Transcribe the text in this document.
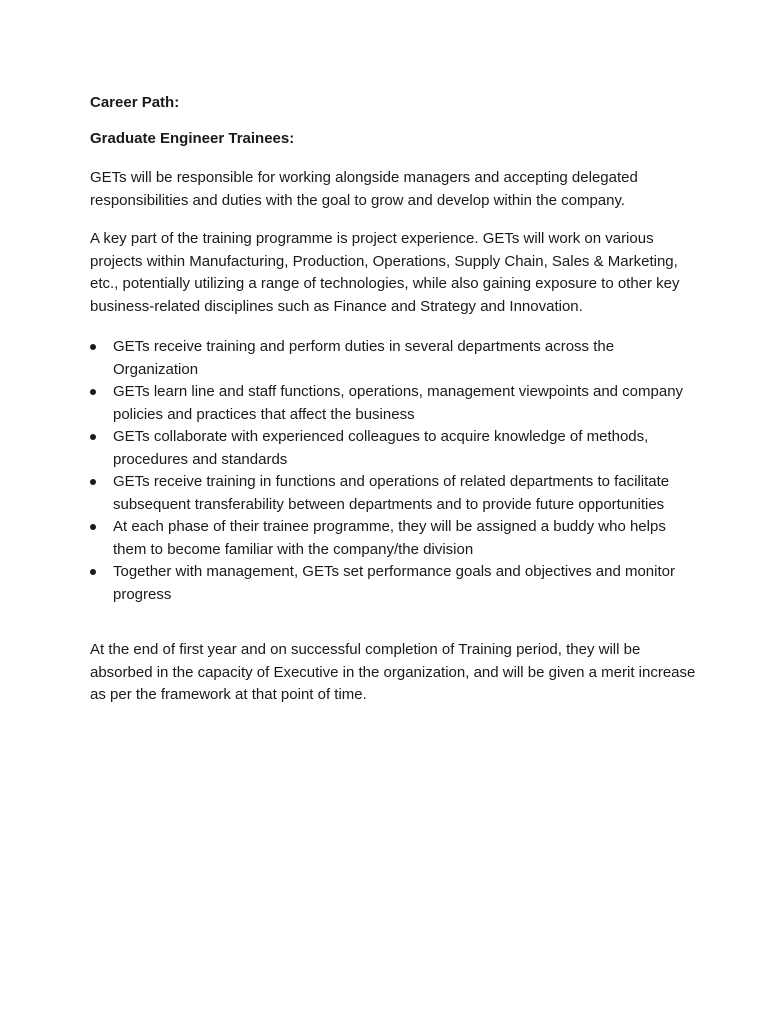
Career Path:

Graduate Engineer Trainees:

GETs will be responsible for working alongside managers and accepting delegated responsibilities and duties with the goal to grow and develop within the company.

A key part of the training programme is project experience. GETs will work on various projects within Manufacturing, Production, Operations, Supply Chain, Sales & Marketing, etc., potentially utilizing a range of technologies, while also gaining exposure to other key business-related disciplines such as Finance and Strategy and Innovation.

GETs receive training and perform duties in several departments across the Organization
GETs learn line and staff functions, operations, management viewpoints and company policies and practices that affect the business
GETs collaborate with experienced colleagues to acquire knowledge of methods, procedures and standards
GETs receive training in functions and operations of related departments to facilitate subsequent transferability between departments and to provide future opportunities
At each phase of their trainee programme, they will be assigned a buddy who helps them to become familiar with the company/the division
Together with management, GETs set performance goals and objectives and monitor progress

At the end of first year and on successful completion of Training period, they will be absorbed in the capacity of Executive in the organization, and will be given a merit increase as per the framework at that point of time.
